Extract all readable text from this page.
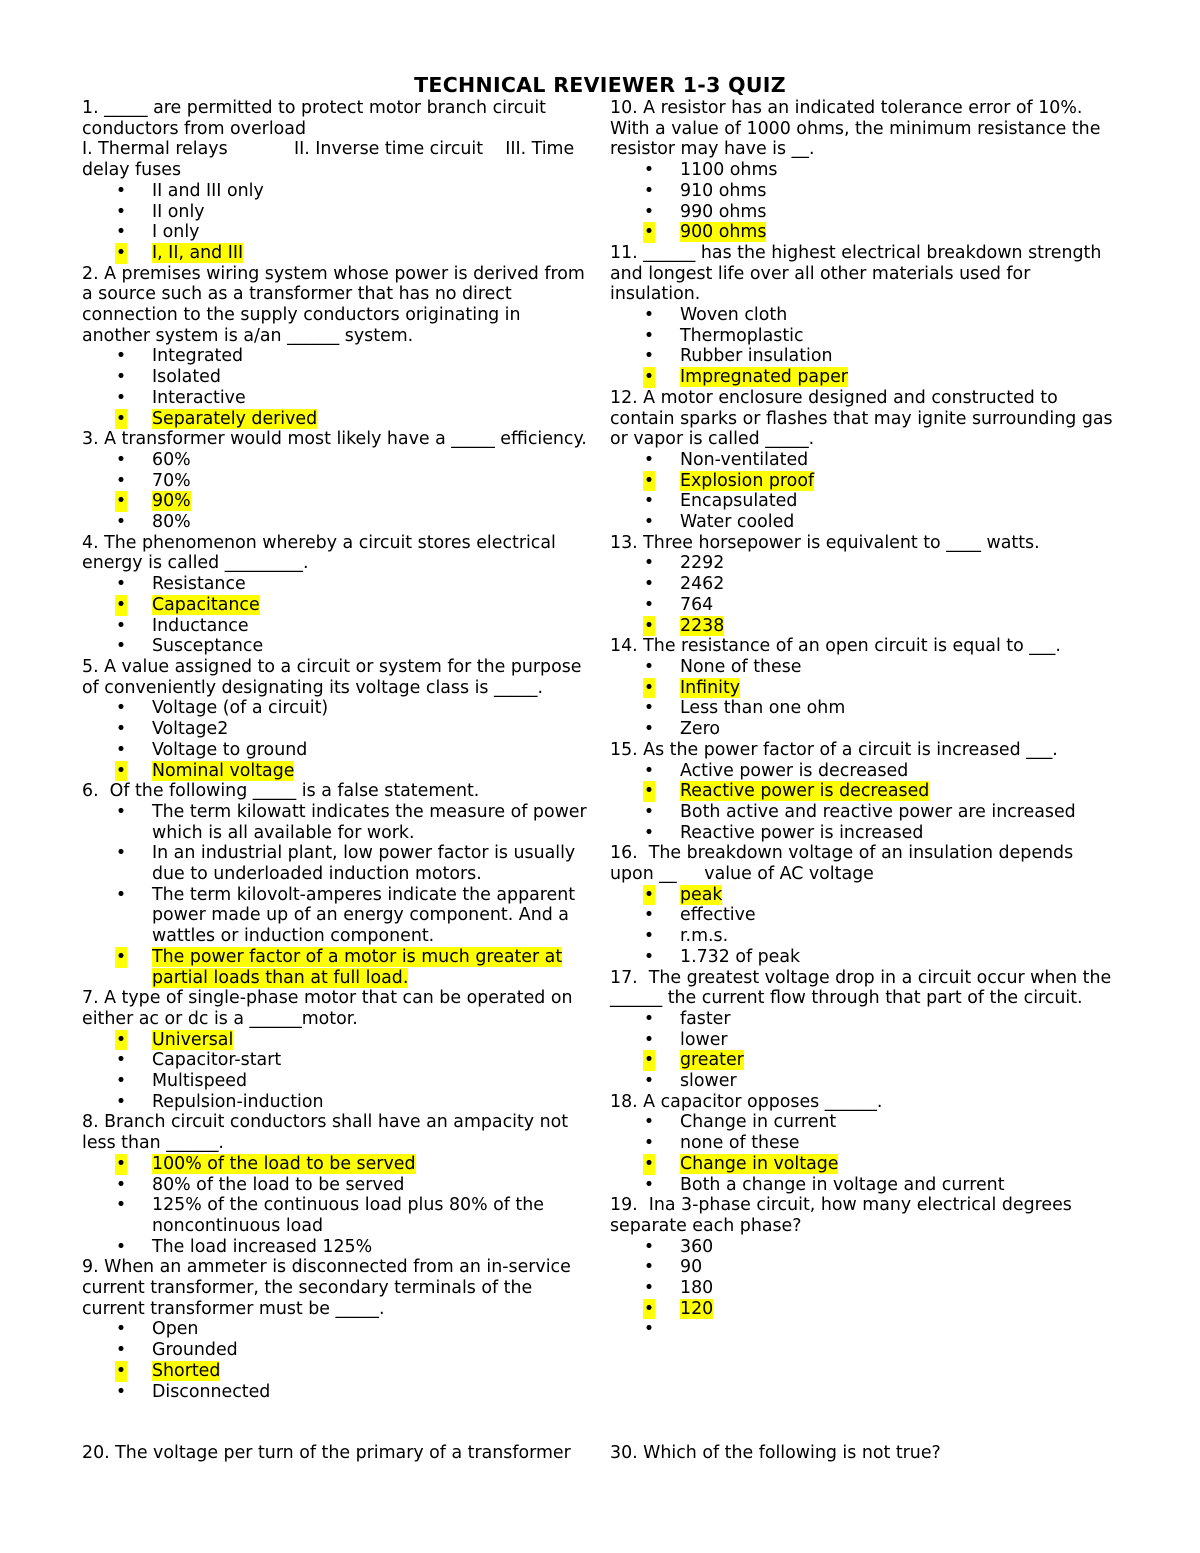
TECHNICAL REVIEWER 1-3 QUIZ
1. _____ are permitted to protect motor branch circuit conductors from overload
I. Thermal relays            II. Inverse time circuit    III. Time delay fuses
• II and III only
• II only
• I only
• I, II, and III
2. A premises wiring system whose power is derived from a source such as a transformer that has no direct connection to the supply conductors originating in another system is a/an ______ system.
• Integrated
• Isolated
• Interactive
• Separately derived
3. A transformer would most likely have a _____ efficiency.
• 60%
• 70%
• 90%
• 80%
4. The phenomenon whereby a circuit stores electrical energy is called _________.
• Resistance
• Capacitance
• Inductance
• Susceptance
5. A value assigned to a circuit or system for the purpose of conveniently designating its voltage class is _____.
• Voltage (of a circuit)
• Voltage2
• Voltage to ground
• Nominal voltage
6.  Of the following _____ is a false statement.
• The term kilowatt indicates the measure of power which is all available for work.
• In an industrial plant, low power factor is usually due to underloaded induction motors.
• The term kilovolt-amperes indicate the apparent power made up of an energy component. And a wattles or induction component.
• The power factor of a motor is much greater at partial loads than at full load.
7. A type of single-phase motor that can be operated on either ac or dc is a ______motor.
• Universal
• Capacitor-start
• Multispeed
• Repulsion-induction
8. Branch circuit conductors shall have an ampacity not less than ______.
• 100% of the load to be served
• 80% of the load to be served
• 125% of the continuous load plus 80% of the noncontinuous load
• The load increased 125%
9. When an ammeter is disconnected from an in-service current transformer, the secondary terminals of the current transformer must be _____.
• Open
• Grounded
• Shorted
• Disconnected
10. A resistor has an indicated tolerance error of 10%. With a value of 1000 ohms, the minimum resistance the resistor may have is __.
• 1100 ohms
• 910 ohms
• 990 ohms
• 900 ohms
11. ______ has the highest electrical breakdown strength and longest life over all other materials used for insulation.
• Woven cloth
• Thermoplastic
• Rubber insulation
• Impregnated paper
12. A motor enclosure designed and constructed to contain sparks or flashes that may ignite surrounding gas or vapor is called _____.
• Non-ventilated
• Explosion proof
• Encapsulated
• Water cooled
13. Three horsepower is equivalent to ____ watts.
• 2292
• 2462
• 764
• 2238
14. The resistance of an open circuit is equal to ___.
• None of these
• Infinity
• Less than one ohm
• Zero
15. As the power factor of a circuit is increased ___.
• Active power is decreased
• Reactive power is decreased
• Both active and reactive power are increased
• Reactive power is increased
16.  The breakdown voltage of an insulation depends upon __     value of AC voltage
• peak
• effective
• r.m.s.
• 1.732 of peak
17.  The greatest voltage drop in a circuit occur when the ______ the current flow through that part of the circuit.
• faster
• lower
• greater
• slower
18. A capacitor opposes ______.
• Change in current
• none of these
• Change in voltage
• Both a change in voltage and current
19.  Ina 3-phase circuit, how many electrical degrees separate each phase?
• 360
• 90
• 180
• 120
•
20. The voltage per turn of the primary of a transformer 30. Which of the following is not true?
